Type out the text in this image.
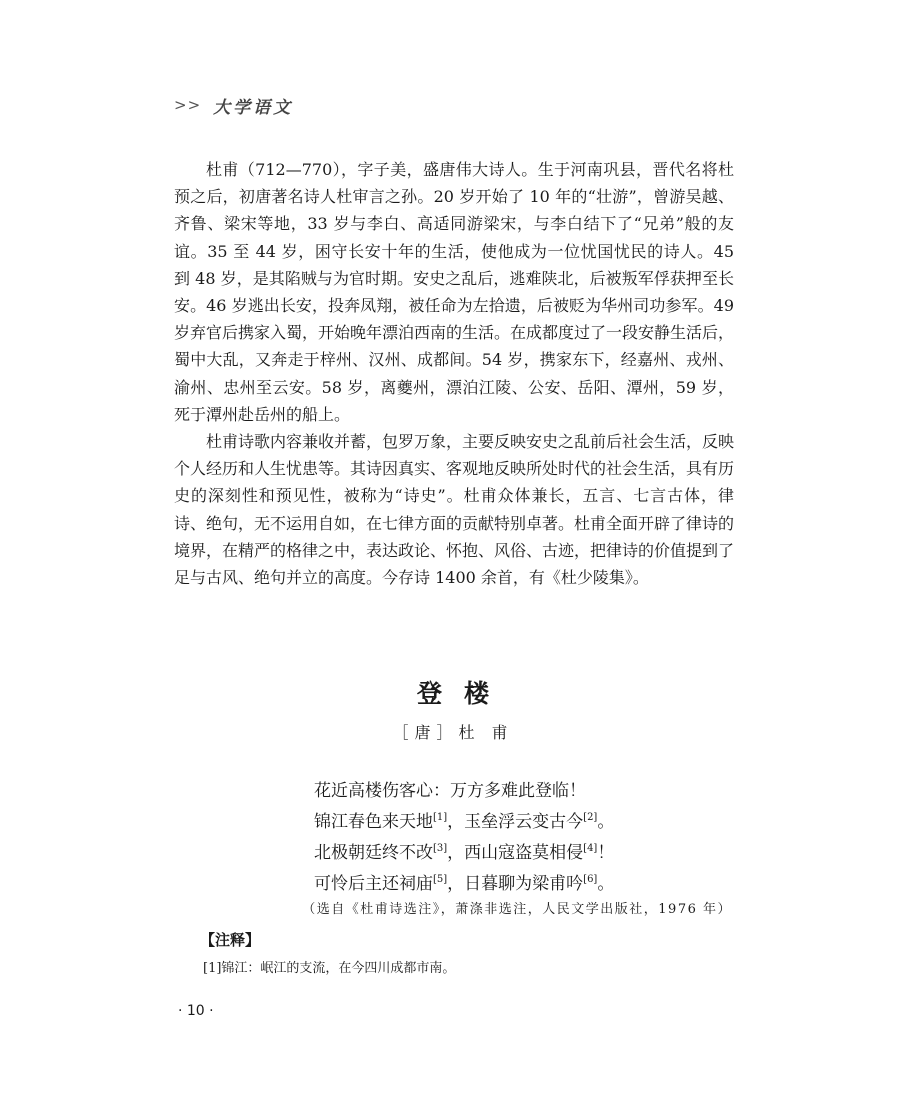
>> 大学语文

杜甫（712—770），字子美，盛唐伟大诗人。生于河南巩县，晋代名将杜预之后，初唐著名诗人杜审言之孙。20 岁开始了 10 年的“壮游”，曾游吴越、齐鲁、梁宋等地，33 岁与李白、高适同游梁宋，与李白结下了“兄弟”般的友谊。35 至 44 岁，困守长安十年的生活，使他成为一位忧国忧民的诗人。45 到 48 岁，是其陷贼与为官时期。安史之乱后，逃难陕北，后被叛军俘获押至长安。46 岁逃出长安，投奔凤翔，被任命为左拾遗，后被贬为华州司功参军。49 岁弃官后携家入蜀，开始晚年漂泊西南的生活。在成都度过了一段安静生活后，蜀中大乱，又奔走于梓州、汉州、成都间。54 岁，携家东下，经嘉州、戎州、渝州、忠州至云安。58 岁，离夔州，漂泊江陵、公安、岳阳、潭州，59 岁，死于潭州赴岳州的船上。

杜甫诗歌内容兼收并蓄，包罗万象，主要反映安史之乱前后社会生活，反映个人经历和人生忧患等。其诗因真实、客观地反映所处时代的社会生活，具有历史的深刻性和预见性，被称为“诗史”。杜甫众体兼长，五言、七言古体，律诗、绝句，无不运用自如，在七律方面的贡献特别卓著。杜甫全面开辟了律诗的境界，在精严的格律之中，表达政论、怀抱、风俗、古迹，把律诗的价值提到了足与古风、绝句并立的高度。今存诗 1400 余首，有《杜少陵集》。

登楼
［唐］杜 甫
花近高楼伤客心：万方多难此登临！
锦江春色来天地[1]，玉垒浮云变古今[2]。
北极朝廷终不改[3]，西山寇盗莫相侵[4]！
可怜后主还祠庙[5]，日暮聊为梁甫吟[6]。
（选自《杜甫诗选注》，萧涤非选注，人民文学出版社，1976 年）
【注释】
[1]锦江：岷江的支流，在今四川成都市南。
· 10 ·
